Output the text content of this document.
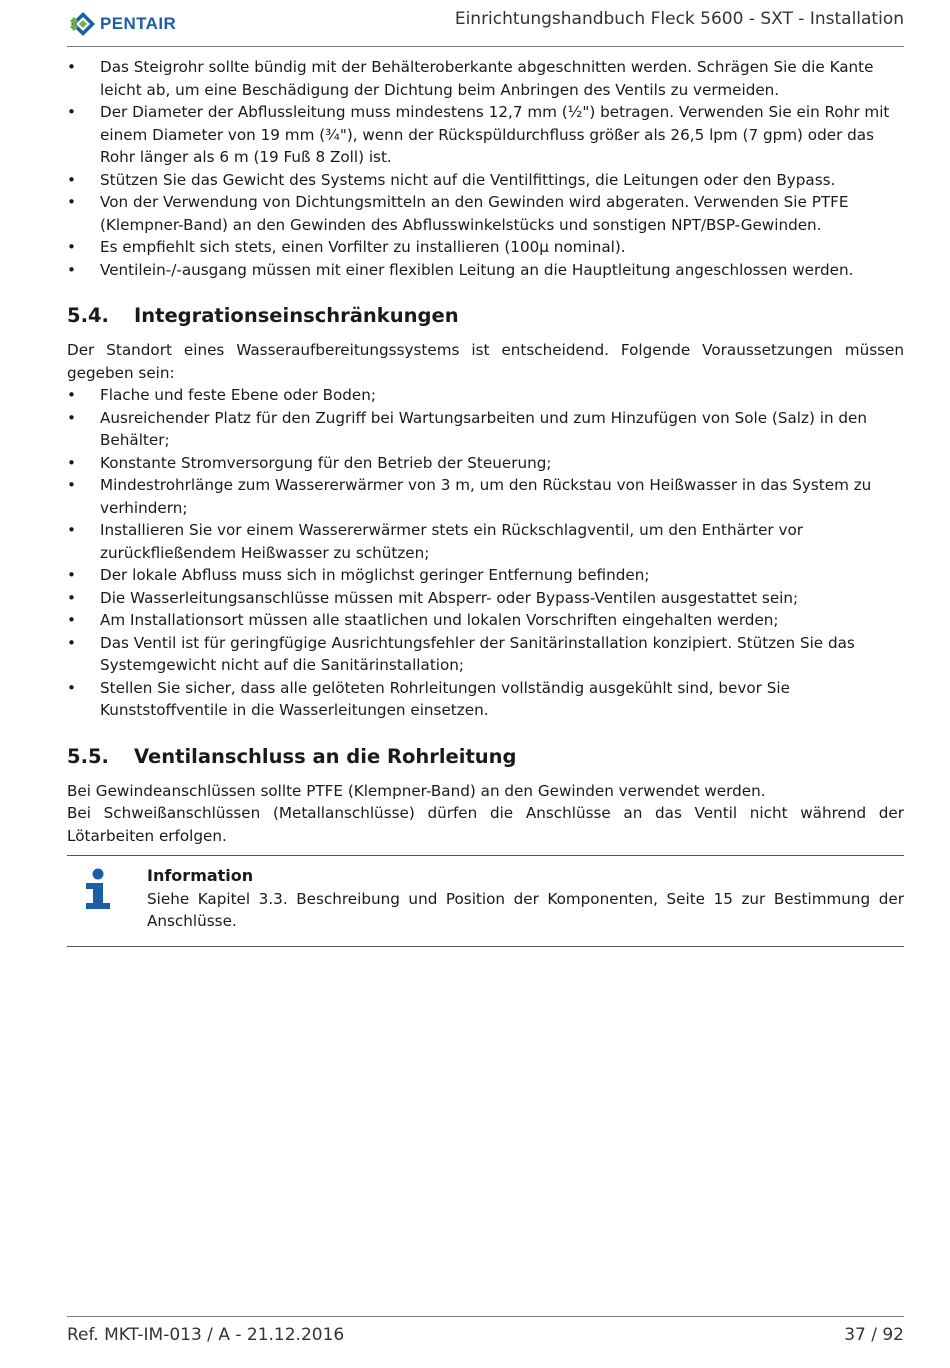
PENTAIR	Einrichtungshandbuch Fleck 5600 - SXT - Installation
• Das Steigrohr sollte bündig mit der Behälteroberkante abgeschnitten werden. Schrägen Sie die Kante leicht ab, um eine Beschädigung der Dichtung beim Anbringen des Ventils zu vermeiden.
• Der Diameter der Abflussleitung muss mindestens 12,7 mm (½") betragen. Verwenden Sie ein Rohr mit einem Diameter von 19 mm (¾"), wenn der Rückspüldurchfluss größer als 26,5 lpm (7 gpm) oder das Rohr länger als 6 m (19 Fuß 8 Zoll) ist.
• Stützen Sie das Gewicht des Systems nicht auf die Ventilfittings, die Leitungen oder den Bypass.
• Von der Verwendung von Dichtungsmitteln an den Gewinden wird abgeraten. Verwenden Sie PTFE (Klempner-Band) an den Gewinden des Abflusswinkelstücks und sonstigen NPT/BSP-Gewinden.
• Es empfiehlt sich stets, einen Vorfilter zu installieren (100µ nominal).
• Ventilein-/-ausgang müssen mit einer flexiblen Leitung an die Hauptleitung angeschlossen werden.
5.4.	Integrationseinschränkungen

Der Standort eines Wasseraufbereitungssystems ist entscheidend. Folgende Voraussetzungen müssen gegeben sein:

• Flache und feste Ebene oder Boden;
• Ausreichender Platz für den Zugriff bei Wartungsarbeiten und zum Hinzufügen von Sole (Salz) in den Behälter;
• Konstante Stromversorgung für den Betrieb der Steuerung;
• Mindestrohrlänge zum Wassererwärmer von 3 m, um den Rückstau von Heißwasser in das System zu verhindern;
• Installieren Sie vor einem Wassererwärmer stets ein Rückschlagventil, um den Enthärter vor zurückfließendem Heißwasser zu schützen;
• Der lokale Abfluss muss sich in möglichst geringer Entfernung befinden;
• Die Wasserleitungsanschlüsse müssen mit Absperr- oder Bypass-Ventilen ausgestattet sein;
• Am Installationsort müssen alle staatlichen und lokalen Vorschriften eingehalten werden;
• Das Ventil ist für geringfügige Ausrichtungsfehler der Sanitärinstallation konzipiert. Stützen Sie das Systemgewicht nicht auf die Sanitärinstallation;
• Stellen Sie sicher, dass alle gelöteten Rohrleitungen vollständig ausgekühlt sind, bevor Sie Kunststoffventile in die Wasserleitungen einsetzen.
5.5.	Ventilanschluss an die Rohrleitung

Bei Gewindeanschlüssen sollte PTFE (Klempner-Band) an den Gewinden verwendet werden.

Bei Schweißanschlüssen (Metallanschlüsse) dürfen die Anschlüsse an das Ventil nicht während der Lötarbeiten erfolgen.

Information
Siehe Kapitel 3.3. Beschreibung und Position der Komponenten, Seite 15 zur Bestimmung der Anschlüsse.
Ref. MKT-IM-013 / A - 21.12.2016	37 / 92
